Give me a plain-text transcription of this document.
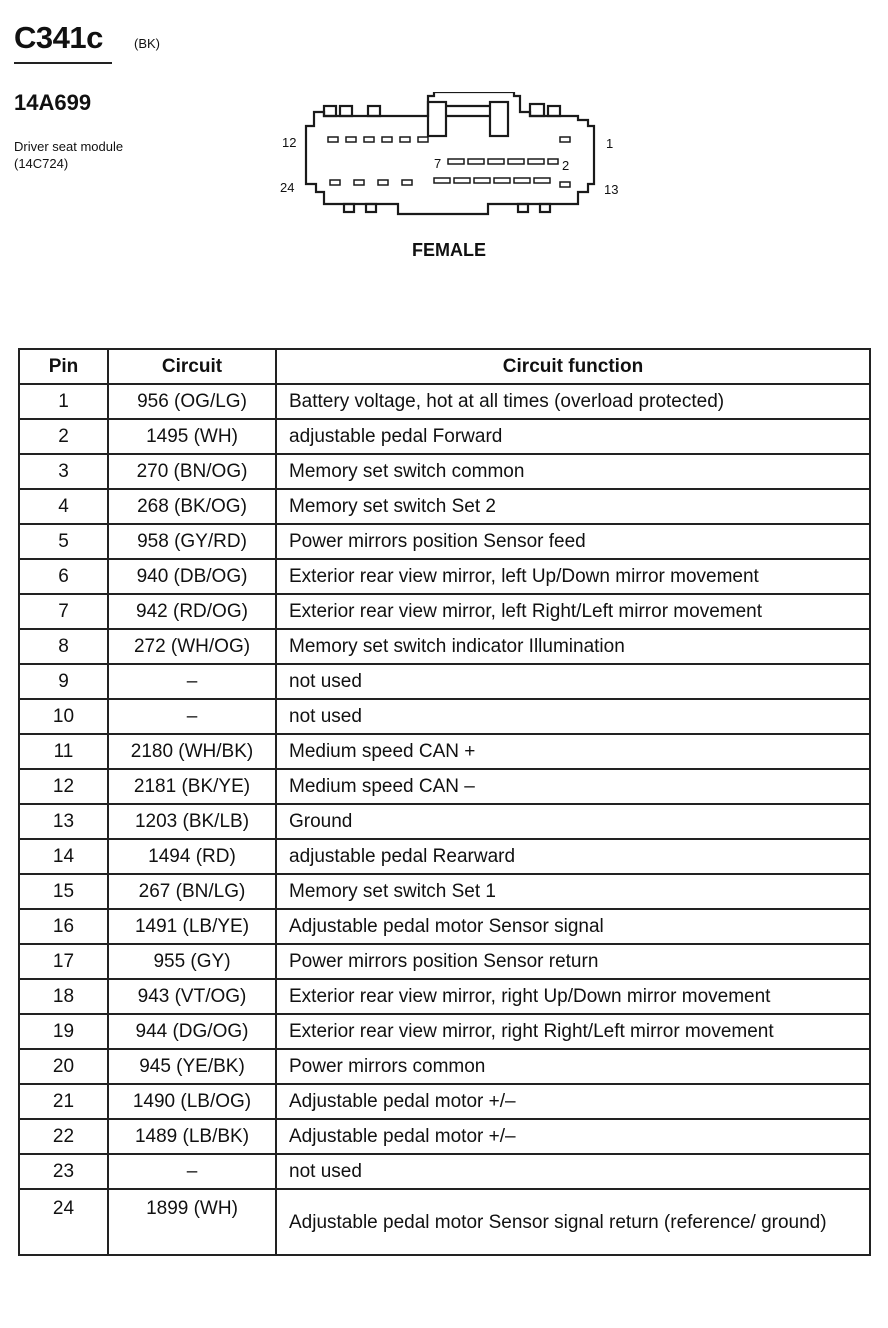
C341c (BK)
14A699
Driver seat module
(14C724)
12	1
7	2
24	13
FEMALE
Pin	Circuit	Circuit function
1	956 (OG/LG)	Battery voltage, hot at all times (overload protected)
2	1495 (WH)	adjustable pedal Forward
3	270 (BN/OG)	Memory set switch common
4	268 (BK/OG)	Memory set switch Set 2
5	958 (GY/RD)	Power mirrors position Sensor feed
6	940 (DB/OG)	Exterior rear view mirror, left Up/Down mirror movement
7	942 (RD/OG)	Exterior rear view mirror, left Right/Left mirror movement
8	272 (WH/OG)	Memory set switch indicator Illumination
9	–	not used
10	–	not used
11	2180 (WH/BK)	Medium speed CAN +
12	2181 (BK/YE)	Medium speed CAN –
13	1203 (BK/LB)	Ground
14	1494 (RD)	adjustable pedal Rearward
15	267 (BN/LG)	Memory set switch Set 1
16	1491 (LB/YE)	Adjustable pedal motor Sensor signal
17	955 (GY)	Power mirrors position Sensor return
18	943 (VT/OG)	Exterior rear view mirror, right Up/Down mirror movement
19	944 (DG/OG)	Exterior rear view mirror, right Right/Left mirror movement
20	945 (YE/BK)	Power mirrors common
21	1490 (LB/OG)	Adjustable pedal motor +/–
22	1489 (LB/BK)	Adjustable pedal motor +/–
23	–	not used
24	1899 (WH)	Adjustable pedal motor Sensor signal return (reference/ ground)
